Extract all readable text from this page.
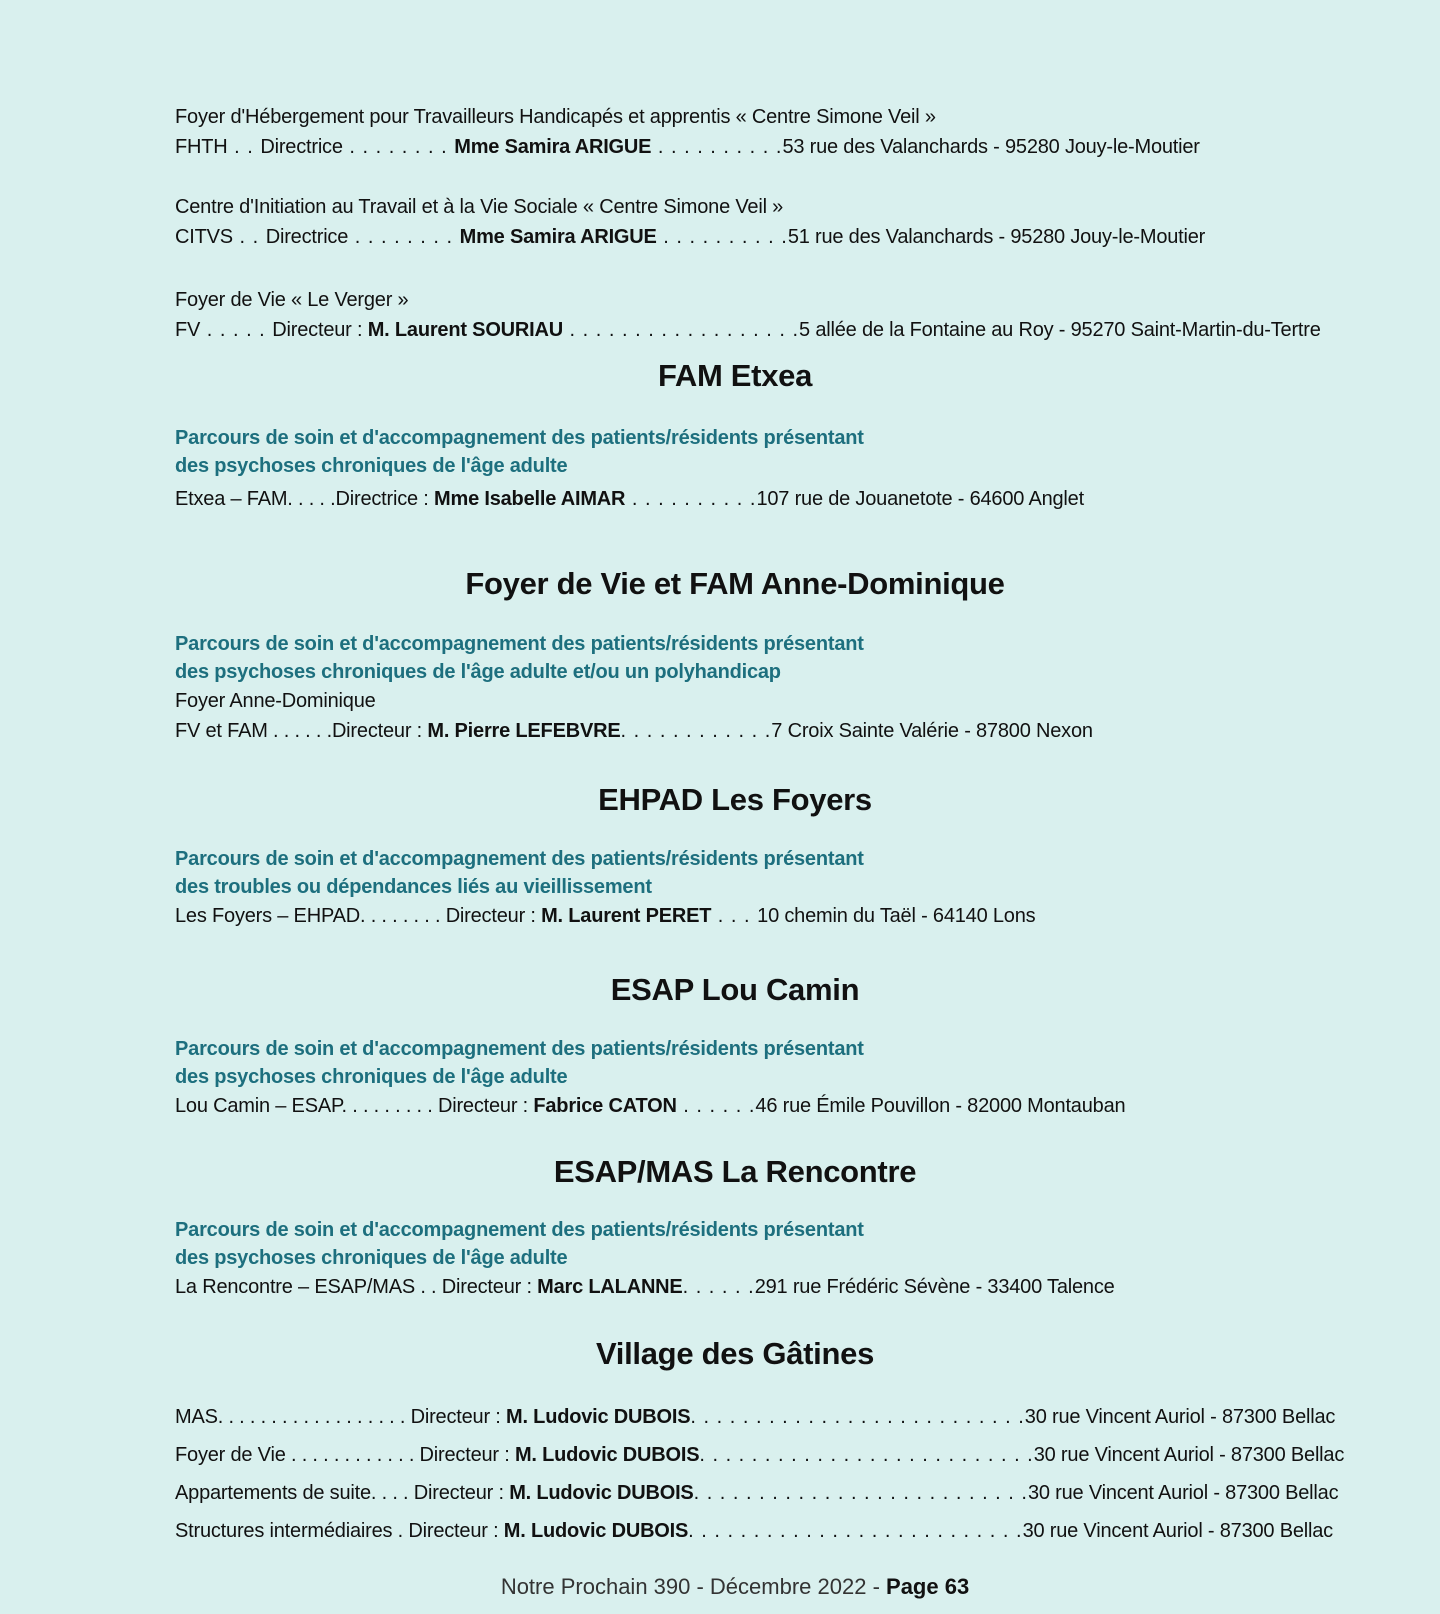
Foyer d'Hébergement pour Travailleurs Handicapés et apprentis « Centre Simone Veil »
FHTH . . Directrice . . . . . . . . Mme Samira ARIGUE . . . . . . . . . .53 rue des Valanchards - 95280 Jouy-le-Moutier
Centre d'Initiation au Travail et à la Vie Sociale « Centre Simone Veil »
CITVS . . Directrice . . . . . . . . Mme Samira ARIGUE . . . . . . . . . .51 rue des Valanchards - 95280 Jouy-le-Moutier
Foyer de Vie « Le Verger »
FV . . . . . Directeur : M. Laurent SOURIAU . . . . . . . . . . . . . . . . . .5 allée de la Fontaine au Roy - 95270 Saint-Martin-du-Tertre
FAM Etxea
Parcours de soin et d'accompagnement des patients/résidents présentant
des psychoses chroniques de l'âge adulte
Etxea – FAM. . . . .Directrice : Mme Isabelle AIMAR . . . . . . . . . .107 rue de Jouanetote - 64600 Anglet
Foyer de Vie et FAM Anne-Dominique
Parcours de soin et d'accompagnement des patients/résidents présentant
des psychoses chroniques de l'âge adulte et/ou un polyhandicap
Foyer Anne-Dominique
FV et FAM . . . . . .Directeur : M. Pierre LEFEBVRE. . . . . . . . . . . .7 Croix Sainte Valérie - 87800 Nexon
EHPAD Les Foyers
Parcours de soin et d'accompagnement des patients/résidents présentant
des troubles ou dépendances liés au vieillissement
Les Foyers – EHPAD. . . . . . . . Directeur : M. Laurent PERET . . . 10 chemin du Taël - 64140 Lons
ESAP Lou Camin
Parcours de soin et d'accompagnement des patients/résidents présentant
des psychoses chroniques de l'âge adulte
Lou Camin – ESAP. . . . . . . . . Directeur : Fabrice CATON . . . . . .46 rue Émile Pouvillon - 82000 Montauban
ESAP/MAS La Rencontre
Parcours de soin et d'accompagnement des patients/résidents présentant
des psychoses chroniques de l'âge adulte
La Rencontre – ESAP/MAS . . Directeur : Marc LALANNE. . . . . .291 rue Frédéric Sévène - 33400 Talence
Village des Gâtines
MAS. . . . . . . . . . . . . . . . . . Directeur : M. Ludovic DUBOIS. . . . . . . . . . . . . . . . . . . . . . . . . .30 rue Vincent Auriol - 87300 Bellac
Foyer de Vie . . . . . . . . . . . . Directeur : M. Ludovic DUBOIS. . . . . . . . . . . . . . . . . . . . . . . . . .30 rue Vincent Auriol - 87300 Bellac
Appartements de suite. . . . Directeur : M. Ludovic DUBOIS. . . . . . . . . . . . . . . . . . . . . . . . . .30 rue Vincent Auriol - 87300 Bellac
Structures intermédiaires . Directeur : M. Ludovic DUBOIS. . . . . . . . . . . . . . . . . . . . . . . . . .30 rue Vincent Auriol - 87300 Bellac
Notre Prochain 390 - Décembre 2022 - Page 63
